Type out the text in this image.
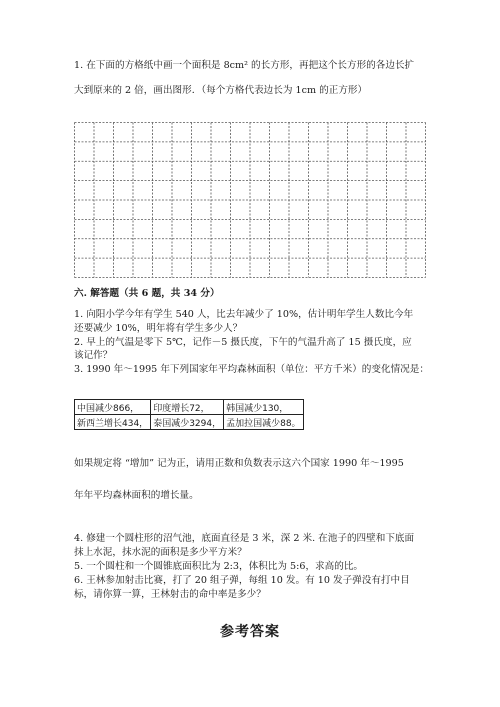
1. 在下面的方格纸中画一个面积是 8cm² 的长方形，再把这个长方形的各边长扩
大到原来的 2 倍，画出图形．（每个方格代表边长为 1cm 的正方形）
六. 解答题（共 6 题，共 34 分）
1. 向阳小学今年有学生 540 人，比去年减少了 10%，估计明年学生人数比今年
还要减少 10%，明年将有学生多少人？
2. 早上的气温是零下 5℃，记作－5 摄氏度，下午的气温升高了 15 摄氏度，应
该记作？
3. 1990 年～1995 年下列国家年平均森林面积（单位：平方千米）的变化情况是：
中国减少866，	印度增长72，	韩国减少130，
新西兰增长434，	泰国减少3294，	孟加拉国减少88。
如果规定将 “增加” 记为正，请用正数和负数表示这六个国家 1990 年～1995
年年平均森林面积的增长量。
4. 修建一个圆柱形的沼气池，底面直径是 3 米，深 2 米. 在池子的四壁和下底面
抹上水泥，抹水泥的面积是多少平方米？
5. 一个圆柱和一个圆锥底面积比为 2:3，体积比为 5:6，求高的比。
6. 王林参加射击比赛，打了 20 组子弹，每组 10 发。有 10 发子弹没有打中目
标，请你算一算，王林射击的命中率是多少？
参考答案
